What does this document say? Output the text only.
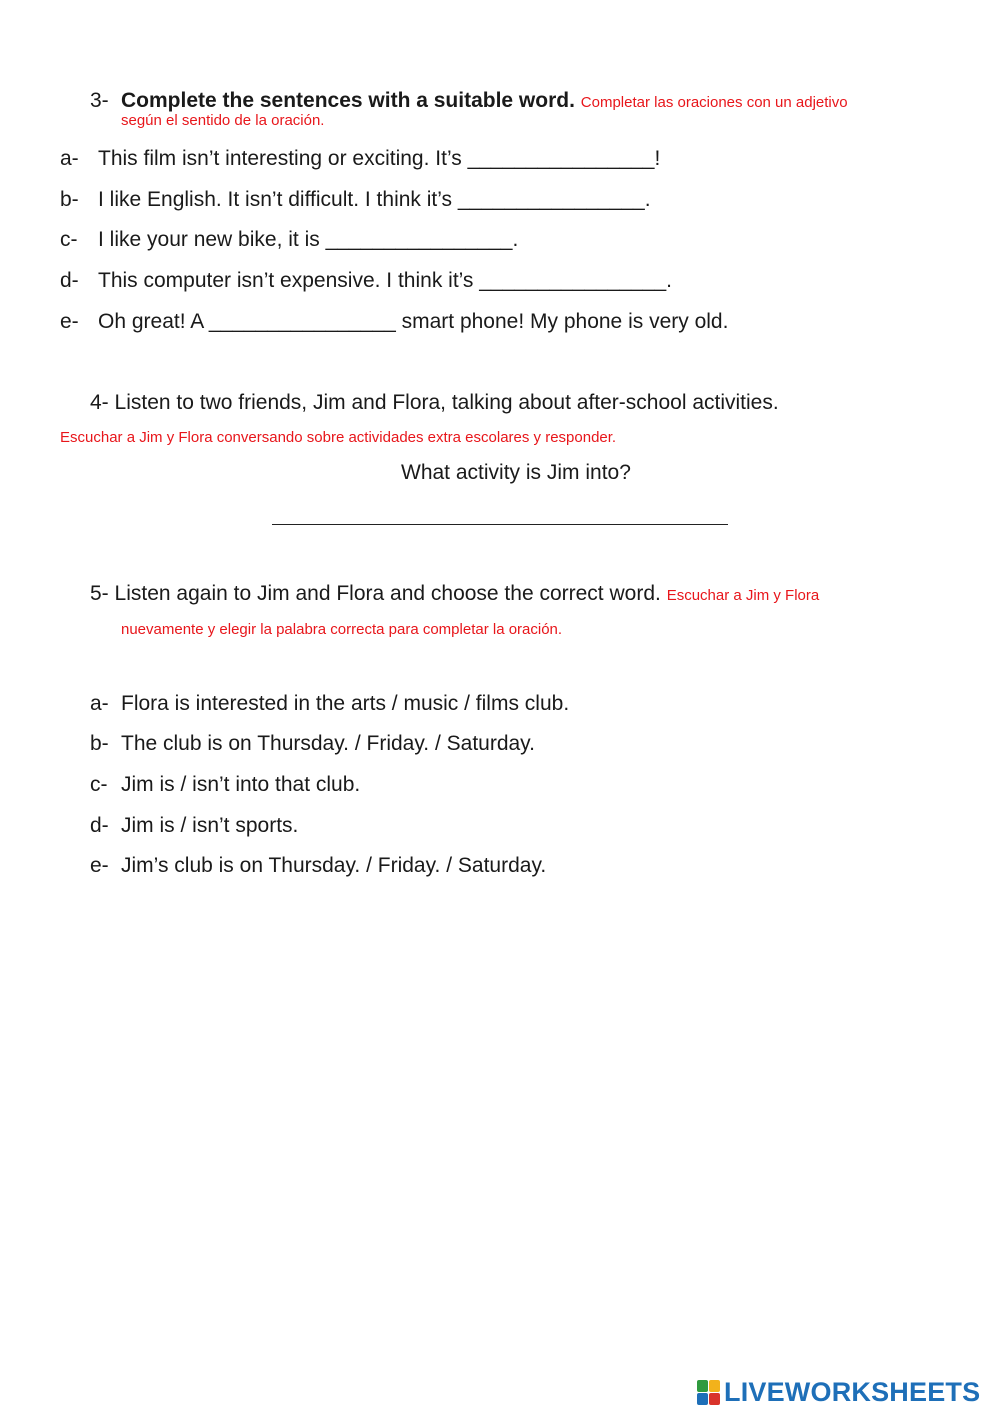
3- Complete the sentences with a suitable word. Completar las oraciones con un adjetivo
según el sentido de la oración.
a- This film isn’t interesting or exciting. It’s ________________!
b- I like English. It isn’t difficult. I think it’s ________________.
c- I like your new bike, it is ________________.
d- This computer isn’t expensive. I think it’s ________________.
e- Oh great! A ________________ smart phone! My phone is very old.
4- Listen to two friends, Jim and Flora, talking about after-school activities.
Escuchar a Jim y Flora conversando sobre actividades extra escolares y responder.
What activity is Jim into?
5- Listen again to Jim and Flora and choose the correct word. Escuchar a Jim y Flora
nuevamente y elegir la palabra correcta para completar la oración.
a- Flora is interested in the arts / music / films club.
b- The club is on Thursday. / Friday. / Saturday.
c- Jim is / isn’t into that club.
d- Jim is / isn’t sports.
e- Jim’s club is on Thursday. / Friday. / Saturday.
LIVEWORKSHEETS
